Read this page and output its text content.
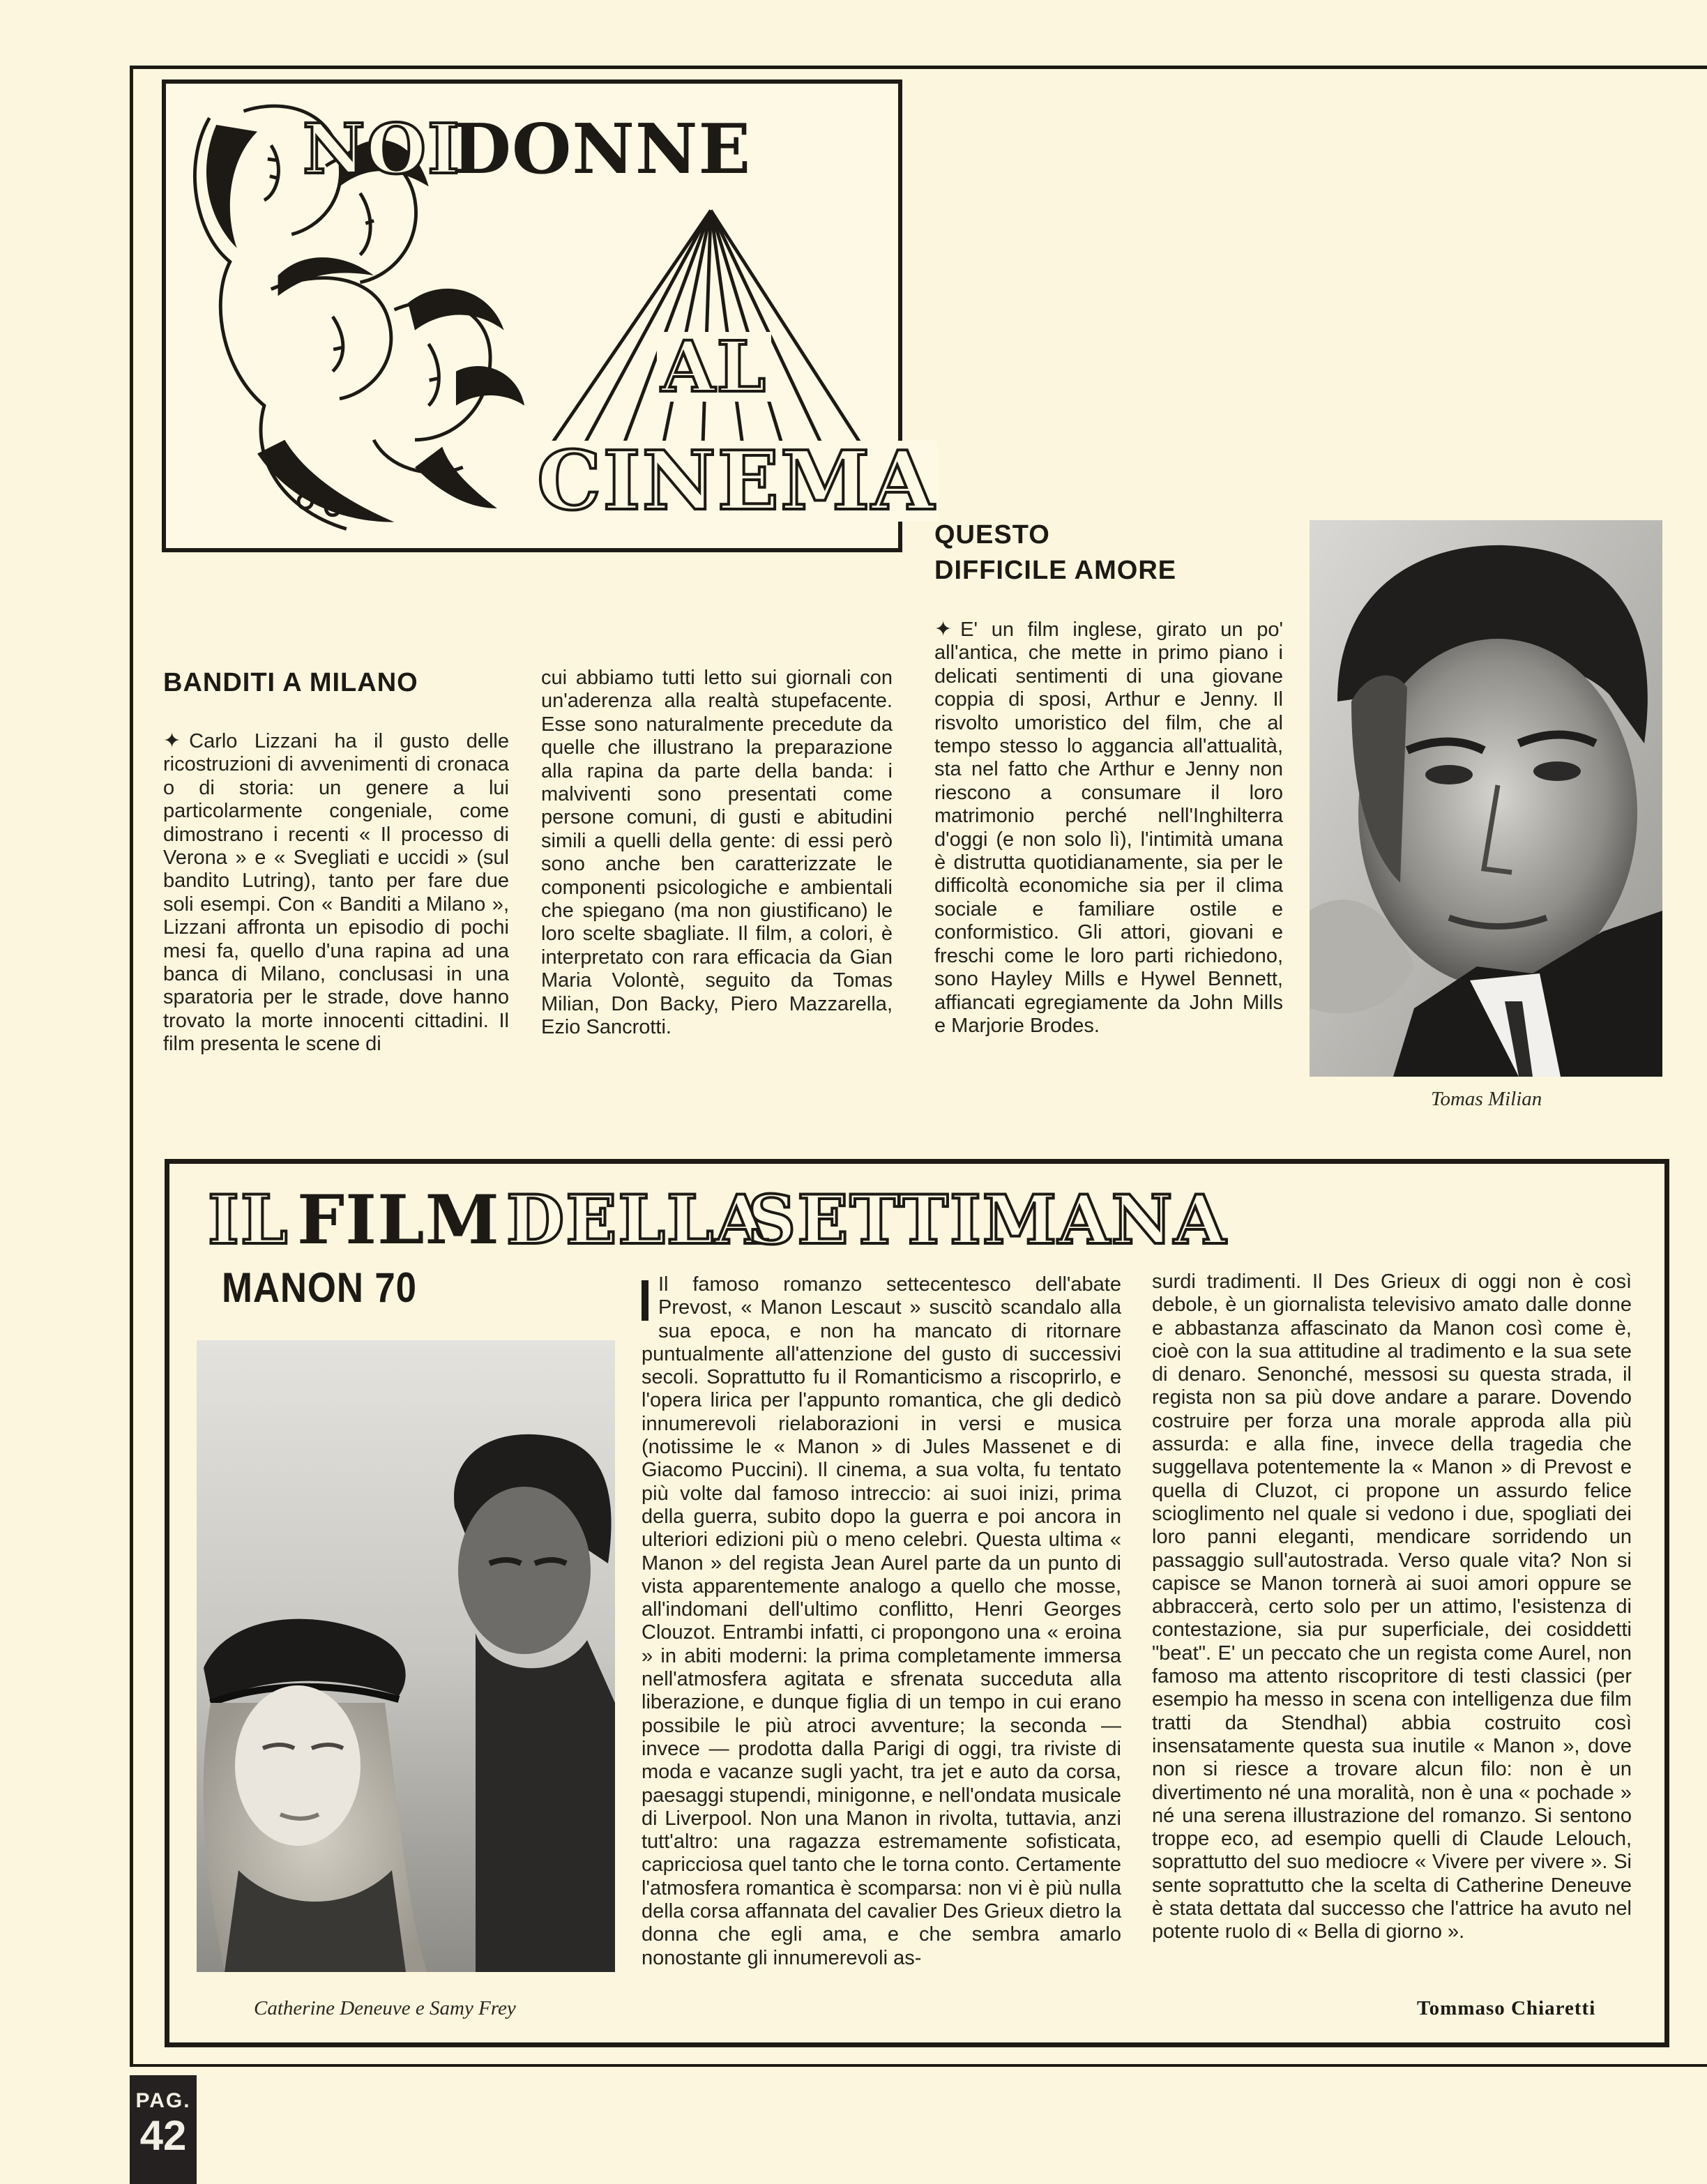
NOI
DONNE
AL
CINEMA
BANDITI A MILANO

✦ Carlo Lizzani ha il gusto delle ricostruzioni di avvenimenti di cronaca o di storia: un genere a lui particolarmente congeniale, come dimostrano i recenti « Il processo di Verona » e « Svegliati e uccidi » (sul bandito Lutring), tanto per fare due soli esempi. Con « Banditi a Milano », Lizzani affronta un episodio di pochi mesi fa, quello d'una rapina ad una banca di Milano, conclusasi in una sparatoria per le strade, dove hanno trovato la morte innocenti cittadini. Il film presenta le scene di

cui abbiamo tutti letto sui giornali con un'aderenza alla realtà stupefacente. Esse sono naturalmente precedute da quelle che illustrano la preparazione alla rapina da parte della banda: i malviventi sono presentati come persone comuni, di gusti e abitudini simili a quelli della gente: di essi però sono anche ben caratterizzate le componenti psicologiche e ambientali che spiegano (ma non giustificano) le loro scelte sbagliate. Il film, a colori, è interpretato con rara efficacia da Gian Maria Volontè, seguito da Tomas Milian, Don Backy, Piero Mazzarella, Ezio Sancrotti.

QUESTO
DIFFICILE AMORE

✦ E' un film inglese, girato un po' all'antica, che mette in primo piano i delicati sentimenti di una giovane coppia di sposi, Arthur e Jenny. Il risvolto umoristico del film, che al tempo stesso lo aggancia all'attualità, sta nel fatto che Arthur e Jenny non riescono a consumare il loro matrimonio perché nell'Inghilterra d'oggi (e non solo lì), l'intimità umana è distrutta quotidianamente, sia per le difficoltà economiche sia per il clima sociale e familiare ostile e conformistico. Gli attori, giovani e freschi come le loro parti richiedono, sono Hayley Mills e Hywel Bennett, affiancati egregiamente da John Mills e Marjorie Brodes.

Tomas Milian
IL FILM DELLA
SETTIMANA
MANON 70
Catherine Deneuve e Samy Frey
Il famoso romanzo settecentesco dell'abate Prevost, « Manon Lescaut » suscitò scandalo alla sua epoca, e non ha mancato di ritornare puntualmente all'attenzione del gusto di successivi secoli. Soprattutto fu il Romanticismo a riscoprirlo, e l'opera lirica per l'appunto romantica, che gli dedicò innumerevoli rielaborazioni in versi e musica (notissime le « Manon » di Jules Massenet e di Giacomo Puccini). Il cinema, a sua volta, fu tentato più volte dal famoso intreccio: ai suoi inizi, prima della guerra, subito dopo la guerra e poi ancora in ulteriori edizioni più o meno celebri. Questa ultima « Manon » del regista Jean Aurel parte da un punto di vista apparentemente analogo a quello che mosse, all'indomani dell'ultimo conflitto, Henri Georges Clouzot. Entrambi infatti, ci propongono una « eroina » in abiti moderni: la prima completamente immersa nell'atmosfera agitata e sfrenata succeduta alla liberazione, e dunque figlia di un tempo in cui erano possibile le più atroci avventure; la seconda — invece — prodotta dalla Parigi di oggi, tra riviste di moda e vacanze sugli yacht, tra jet e auto da corsa, paesaggi stupendi, minigonne, e nell'ondata musicale di Liverpool. Non una Manon in rivolta, tuttavia, anzi tutt'altro: una ragazza estremamente sofisticata, capricciosa quel tanto che le torna conto. Certamente l'atmosfera romantica è scomparsa: non vi è più nulla della corsa affannata del cavalier Des Grieux dietro la donna che egli ama, e che sembra amarlo nonostante gli innumerevoli as-
surdi tradimenti. Il Des Grieux di oggi non è così debole, è un giornalista televisivo amato dalle donne e abbastanza affascinato da Manon così come è, cioè con la sua attitudine al tradimento e la sua sete di denaro. Senonché, messosi su questa strada, il regista non sa più dove andare a parare. Dovendo costruire per forza una morale approda alla più assurda: e alla fine, invece della tragedia che suggellava potentemente la « Manon » di Prevost e quella di Cluzot, ci propone un assurdo felice scioglimento nel quale si vedono i due, spogliati dei loro panni eleganti, mendicare sorridendo un passaggio sull'autostrada. Verso quale vita? Non si capisce se Manon tornerà ai suoi amori oppure se abbraccerà, certo solo per un attimo, l'esistenza di contestazione, sia pur superficiale, dei cosiddetti "beat". E' un peccato che un regista come Aurel, non famoso ma attento riscopritore di testi classici (per esempio ha messo in scena con intelligenza due film tratti da Stendhal) abbia costruito così insensatamente questa sua inutile « Manon », dove non si riesce a trovare alcun filo: non è un divertimento né una moralità, non è una « pochade » né una serena illustrazione del romanzo. Si sentono troppe eco, ad esempio quelli di Claude Lelouch, soprattutto del suo mediocre « Vivere per vivere ». Si sente soprattutto che la scelta di Catherine Deneuve è stata dettata dal successo che l'attrice ha avuto nel potente ruolo di « Bella di giorno ».
Tommaso Chiaretti
PAG.
42
